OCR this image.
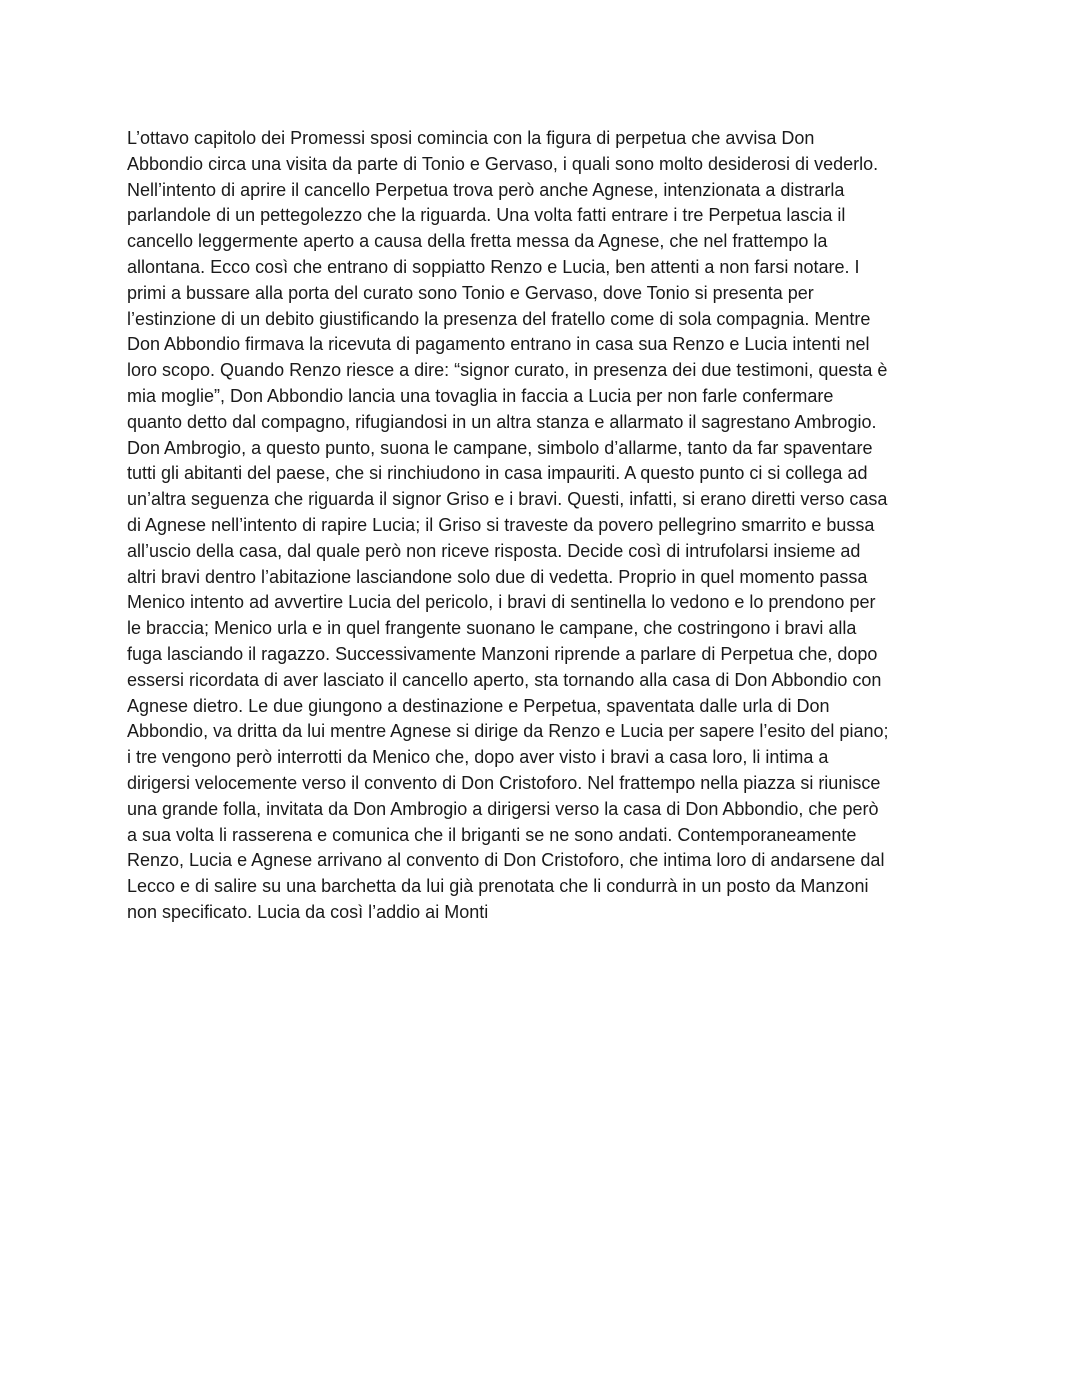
L’ottavo capitolo dei Promessi sposi comincia con la figura di perpetua che avvisa Don
Abbondio circa una visita da parte di Tonio e Gervaso, i quali sono molto desiderosi di vederlo.
Nell’intento di aprire il cancello Perpetua trova però anche Agnese, intenzionata a distrarla
parlandole di un pettegolezzo che la riguarda. Una volta fatti entrare i tre Perpetua lascia il
cancello leggermente aperto a causa della fretta messa da Agnese, che nel frattempo la
allontana. Ecco così che entrano di soppiatto Renzo e Lucia, ben attenti a non farsi notare. I
primi a bussare alla porta del curato sono Tonio e Gervaso, dove Tonio si presenta per
l’estinzione di un debito giustificando la presenza del fratello come di sola compagnia. Mentre
Don Abbondio firmava la ricevuta di pagamento entrano in casa sua Renzo e Lucia intenti nel
loro scopo. Quando Renzo riesce a dire: “signor curato, in presenza dei due testimoni, questa è
mia moglie”, Don Abbondio lancia una tovaglia in faccia a Lucia per non farle confermare
quanto detto dal compagno, rifugiandosi in un altra stanza e allarmato il sagrestano Ambrogio.
Don Ambrogio, a questo punto, suona le campane, simbolo d’allarme, tanto da far spaventare
tutti gli abitanti del paese, che si rinchiudono in casa impauriti. A questo punto ci si collega ad
un’altra seguenza che riguarda il signor Griso e i bravi. Questi, infatti, si erano diretti verso casa
di Agnese nell’intento di rapire Lucia; il Griso si traveste da povero pellegrino smarrito e bussa
all’uscio della casa, dal quale però non riceve risposta. Decide così di intrufolarsi insieme ad
altri bravi dentro l’abitazione lasciandone solo due di vedetta. Proprio in quel momento passa
Menico intento ad avvertire Lucia del pericolo, i bravi di sentinella lo vedono e lo prendono per
le braccia; Menico urla e in quel frangente suonano le campane, che costringono i bravi alla
fuga lasciando il ragazzo. Successivamente Manzoni riprende a parlare di Perpetua che, dopo
essersi ricordata di aver lasciato il cancello aperto, sta tornando alla casa di Don Abbondio con
Agnese dietro. Le due giungono a destinazione e Perpetua, spaventata dalle urla di Don
Abbondio, va dritta da lui mentre Agnese si dirige da Renzo e Lucia per sapere l’esito del piano;
i tre vengono però interrotti da Menico che, dopo aver visto i bravi a casa loro, li intima a
dirigersi velocemente verso il convento di Don Cristoforo. Nel frattempo nella piazza si riunisce
una grande folla, invitata da Don Ambrogio a dirigersi verso la casa di Don Abbondio, che però
a sua volta li rasserena e comunica che il briganti se ne sono andati. Contemporaneamente
Renzo, Lucia e Agnese arrivano al convento di Don Cristoforo, che intima loro di andarsene dal
Lecco e di salire su una barchetta da lui già prenotata che li condurrà in un posto da Manzoni
non specificato. Lucia da così l’addio ai Monti
